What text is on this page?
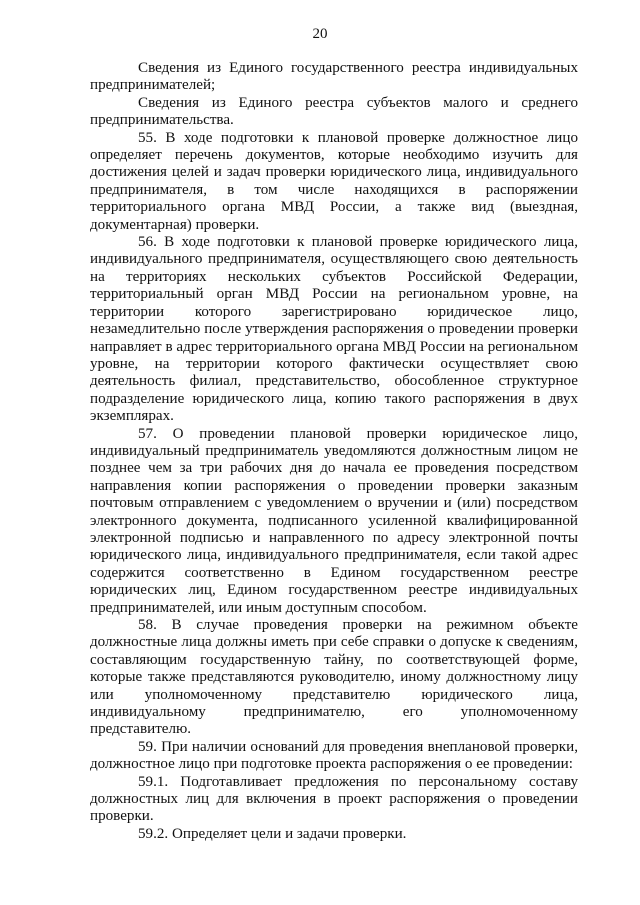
20

Сведения из Единого государственного реестра индивидуальных предпринимателей;

Сведения из Единого реестра субъектов малого и среднего предпринимательства.

55. В ходе подготовки к плановой проверке должностное лицо определяет перечень документов, которые необходимо изучить для достижения целей и задач проверки юридического лица, индивидуального предпринимателя, в том числе находящихся в распоряжении территориального органа МВД России, а также вид (выездная, документарная) проверки.

56. В ходе подготовки к плановой проверке юридического лица, индивидуального предпринимателя, осуществляющего свою деятельность на территориях нескольких субъектов Российской Федерации, территориальный орган МВД России на региональном уровне, на территории которого зарегистрировано юридическое лицо, незамедлительно после утверждения распоряжения о проведении проверки направляет в адрес территориального органа МВД России на региональном уровне, на территории которого фактически осуществляет свою деятельность филиал, представительство, обособленное структурное подразделение юридического лица, копию такого распоряжения в двух экземплярах.

57. О проведении плановой проверки юридическое лицо, индивидуальный предприниматель уведомляются должностным лицом не позднее чем за три рабочих дня до начала ее проведения посредством направления копии распоряжения о проведении проверки заказным почтовым отправлением с уведомлением о вручении и (или) посредством электронного документа, подписанного усиленной квалифицированной электронной подписью и направленного по адресу электронной почты юридического лица, индивидуального предпринимателя, если такой адрес содержится соответственно в Едином государственном реестре юридических лиц, Едином государственном реестре индивидуальных предпринимателей, или иным доступным способом.

58. В случае проведения проверки на режимном объекте должностные лица должны иметь при себе справки о допуске к сведениям, составляющим государственную тайну, по соответствующей форме, которые также представляются руководителю, иному должностному лицу или уполномоченному представителю юридического лица, индивидуальному предпринимателю, его уполномоченному представителю.

59. При наличии оснований для проведения внеплановой проверки, должностное лицо при подготовке проекта распоряжения о ее проведении:

59.1. Подготавливает предложения по персональному составу должностных лиц для включения в проект распоряжения о проведении проверки.

59.2. Определяет цели и задачи проверки.
